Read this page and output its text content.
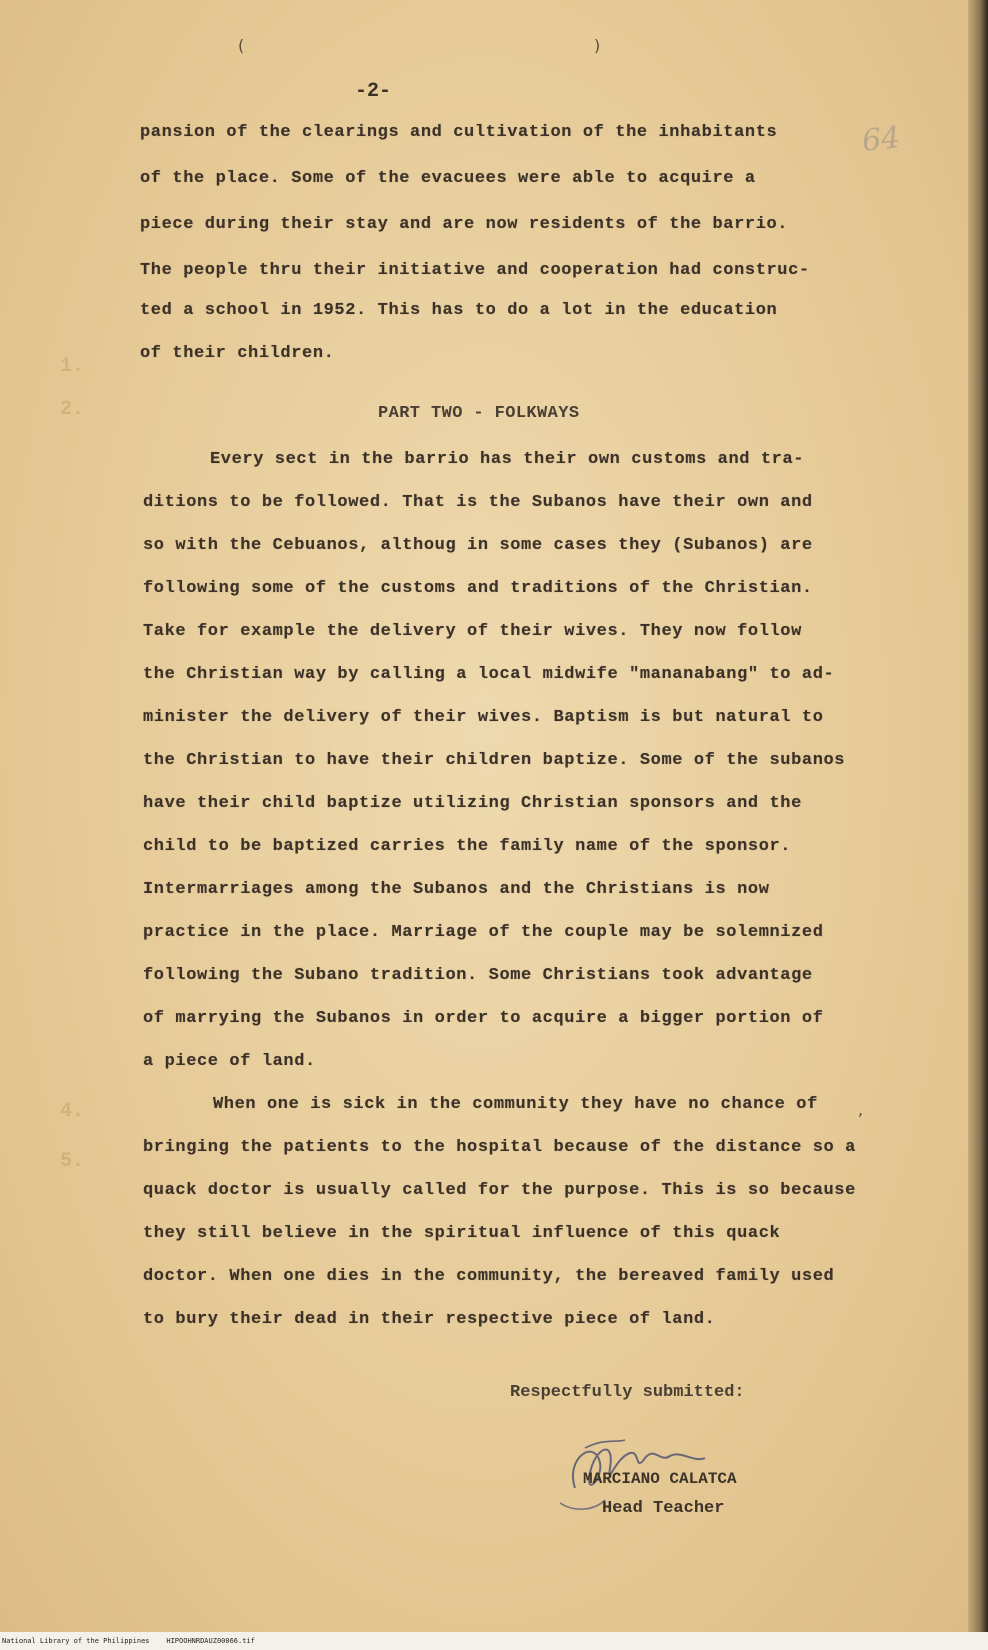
1.
2.
4.
5.
(	)
-2-
64
pansion of the clearings and cultivation of the inhabitants
of the place. Some of the evacuees were able to acquire a
piece during their stay and are now residents of the barrio.
The people thru their initiative and cooperation had construc-
ted a school in 1952. This has to do a lot in the education
of their children.
PART TWO - FOLKWAYS
Every sect in the barrio has their own customs and tra-
ditions to be followed. That is the Subanos have their own and
so with the Cebuanos, althoug in some cases they (Subanos) are
following some of the customs and traditions of the Christian.
Take for example the delivery of their wives. They now follow
the Christian way by calling a local midwife "mananabang" to ad-
minister the delivery of their wives. Baptism is but natural to
the Christian to have their children baptize. Some of the subanos
have their child baptize utilizing Christian sponsors and the
child to be baptized carries the family name of the sponsor.
Intermarriages among the Subanos and the Christians is now
practice in the place. Marriage of the couple may be solemnized
following the Subano tradition. Some Christians took advantage
of marrying the Subanos in order to acquire a bigger portion of
a piece of land.
When one is sick in the community they have no chance of
bringing the patients to the hospital because of the distance so a
quack doctor is usually called for the purpose. This is so because
they still believe in the spiritual influence of this quack
doctor. When one dies in the community, the bereaved family used
to bury their dead in their respective piece of land.
,
Respectfully submitted:
MARCIANO CALATCA
Head Teacher
National Library of the Philippines HIPOOHNRDAUZ00066.tif
